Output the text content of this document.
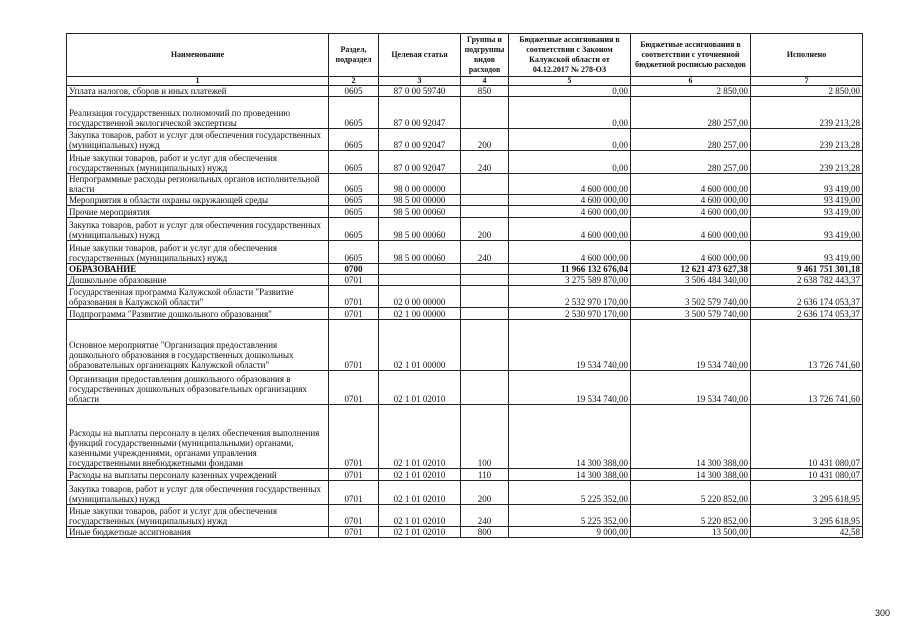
Наименование	Раздел, подраздел	Целевая статья	Группы и подгруппы видов расходов	Бюджетные ассигнования в соответствии с Законом Калужской области от 04.12.2017 № 278-ОЗ	Бюджетные ассигнования в соответствии с уточненной бюджетной росписью расходов	Исполнено
1	2	3	4	5	6	7
Уплата налогов, сборов и иных платежей	0605	87 0 00 59740	850	0,00	2 850,00	2 850,00
Реализация государственных полномочий по проведению государственной экологической экспертизы	0605	87 0 00 92047		0,00	280 257,00	239 213,28
Закупка товаров, работ и услуг для обеспечения государственных (муниципальных) нужд	0605	87 0 00 92047	200	0,00	280 257,00	239 213,28
Иные закупки товаров, работ и услуг для обеспечения государственных (муниципальных) нужд	0605	87 0 00 92047	240	0,00	280 257,00	239 213,28
Непрограммные расходы региональных органов исполнительной власти	0605	98 0 00 00000		4 600 000,00	4 600 000,00	93 419,00
Мероприятия в области охраны окружающей среды	0605	98 5 00 00000		4 600 000,00	4 600 000,00	93 419,00
Прочие мероприятия	0605	98 5 00 00060		4 600 000,00	4 600 000,00	93 419,00
Закупка товаров, работ и услуг для обеспечения государственных (муниципальных) нужд	0605	98 5 00 00060	200	4 600 000,00	4 600 000,00	93 419,00
Иные закупки товаров, работ и услуг для обеспечения государственных (муниципальных) нужд	0605	98 5 00 00060	240	4 600 000,00	4 600 000,00	93 419,00
ОБРАЗОВАНИЕ	0700			11 966 132 676,04	12 621 473 627,38	9 461 751 301,18
Дошкольное образование	0701			3 275 589 870,00	3 506 484 340,00	2 638 782 443,37
Государственная программа Калужской области "Развитие образования в Калужской области"	0701	02 0 00 00000		2 532 970 170,00	3 502 579 740,00	2 636 174 053,37
Подпрограмма "Развитие дошкольного образования"	0701	02 1 00 00000		2 530 970 170,00	3 500 579 740,00	2 636 174 053,37
Основное мероприятие "Организация предоставления дошкольного образования в государственных дошкольных образовательных организациях Калужской области"	0701	02 1 01 00000		19 534 740,00	19 534 740,00	13 726 741,60
Организация предоставления дошкольного образования в государственных дошкольных образовательных организациях области	0701	02 1 01 02010		19 534 740,00	19 534 740,00	13 726 741,60
Расходы на выплаты персоналу в целях обеспечения выполнения функций государственными (муниципальными) органами, казенными учреждениями, органами управления государственными внебюджетными фондами	0701	02 1 01 02010	100	14 300 388,00	14 300 388,00	10 431 080,07
Расходы на выплаты персоналу казенных учреждений	0701	02 1 01 02010	110	14 300 388,00	14 300 388,00	10 431 080,07
Закупка товаров, работ и услуг для обеспечения государственных (муниципальных) нужд	0701	02 1 01 02010	200	5 225 352,00	5 220 852,00	3 295 618,95
Иные закупки товаров, работ и услуг для обеспечения государственных (муниципальных) нужд	0701	02 1 01 02010	240	5 225 352,00	5 220 852,00	3 295 618,95
Иные бюджетные ассигнования	0701	02 1 01 02010	800	9 000,00	13 500,00	42,58
300
